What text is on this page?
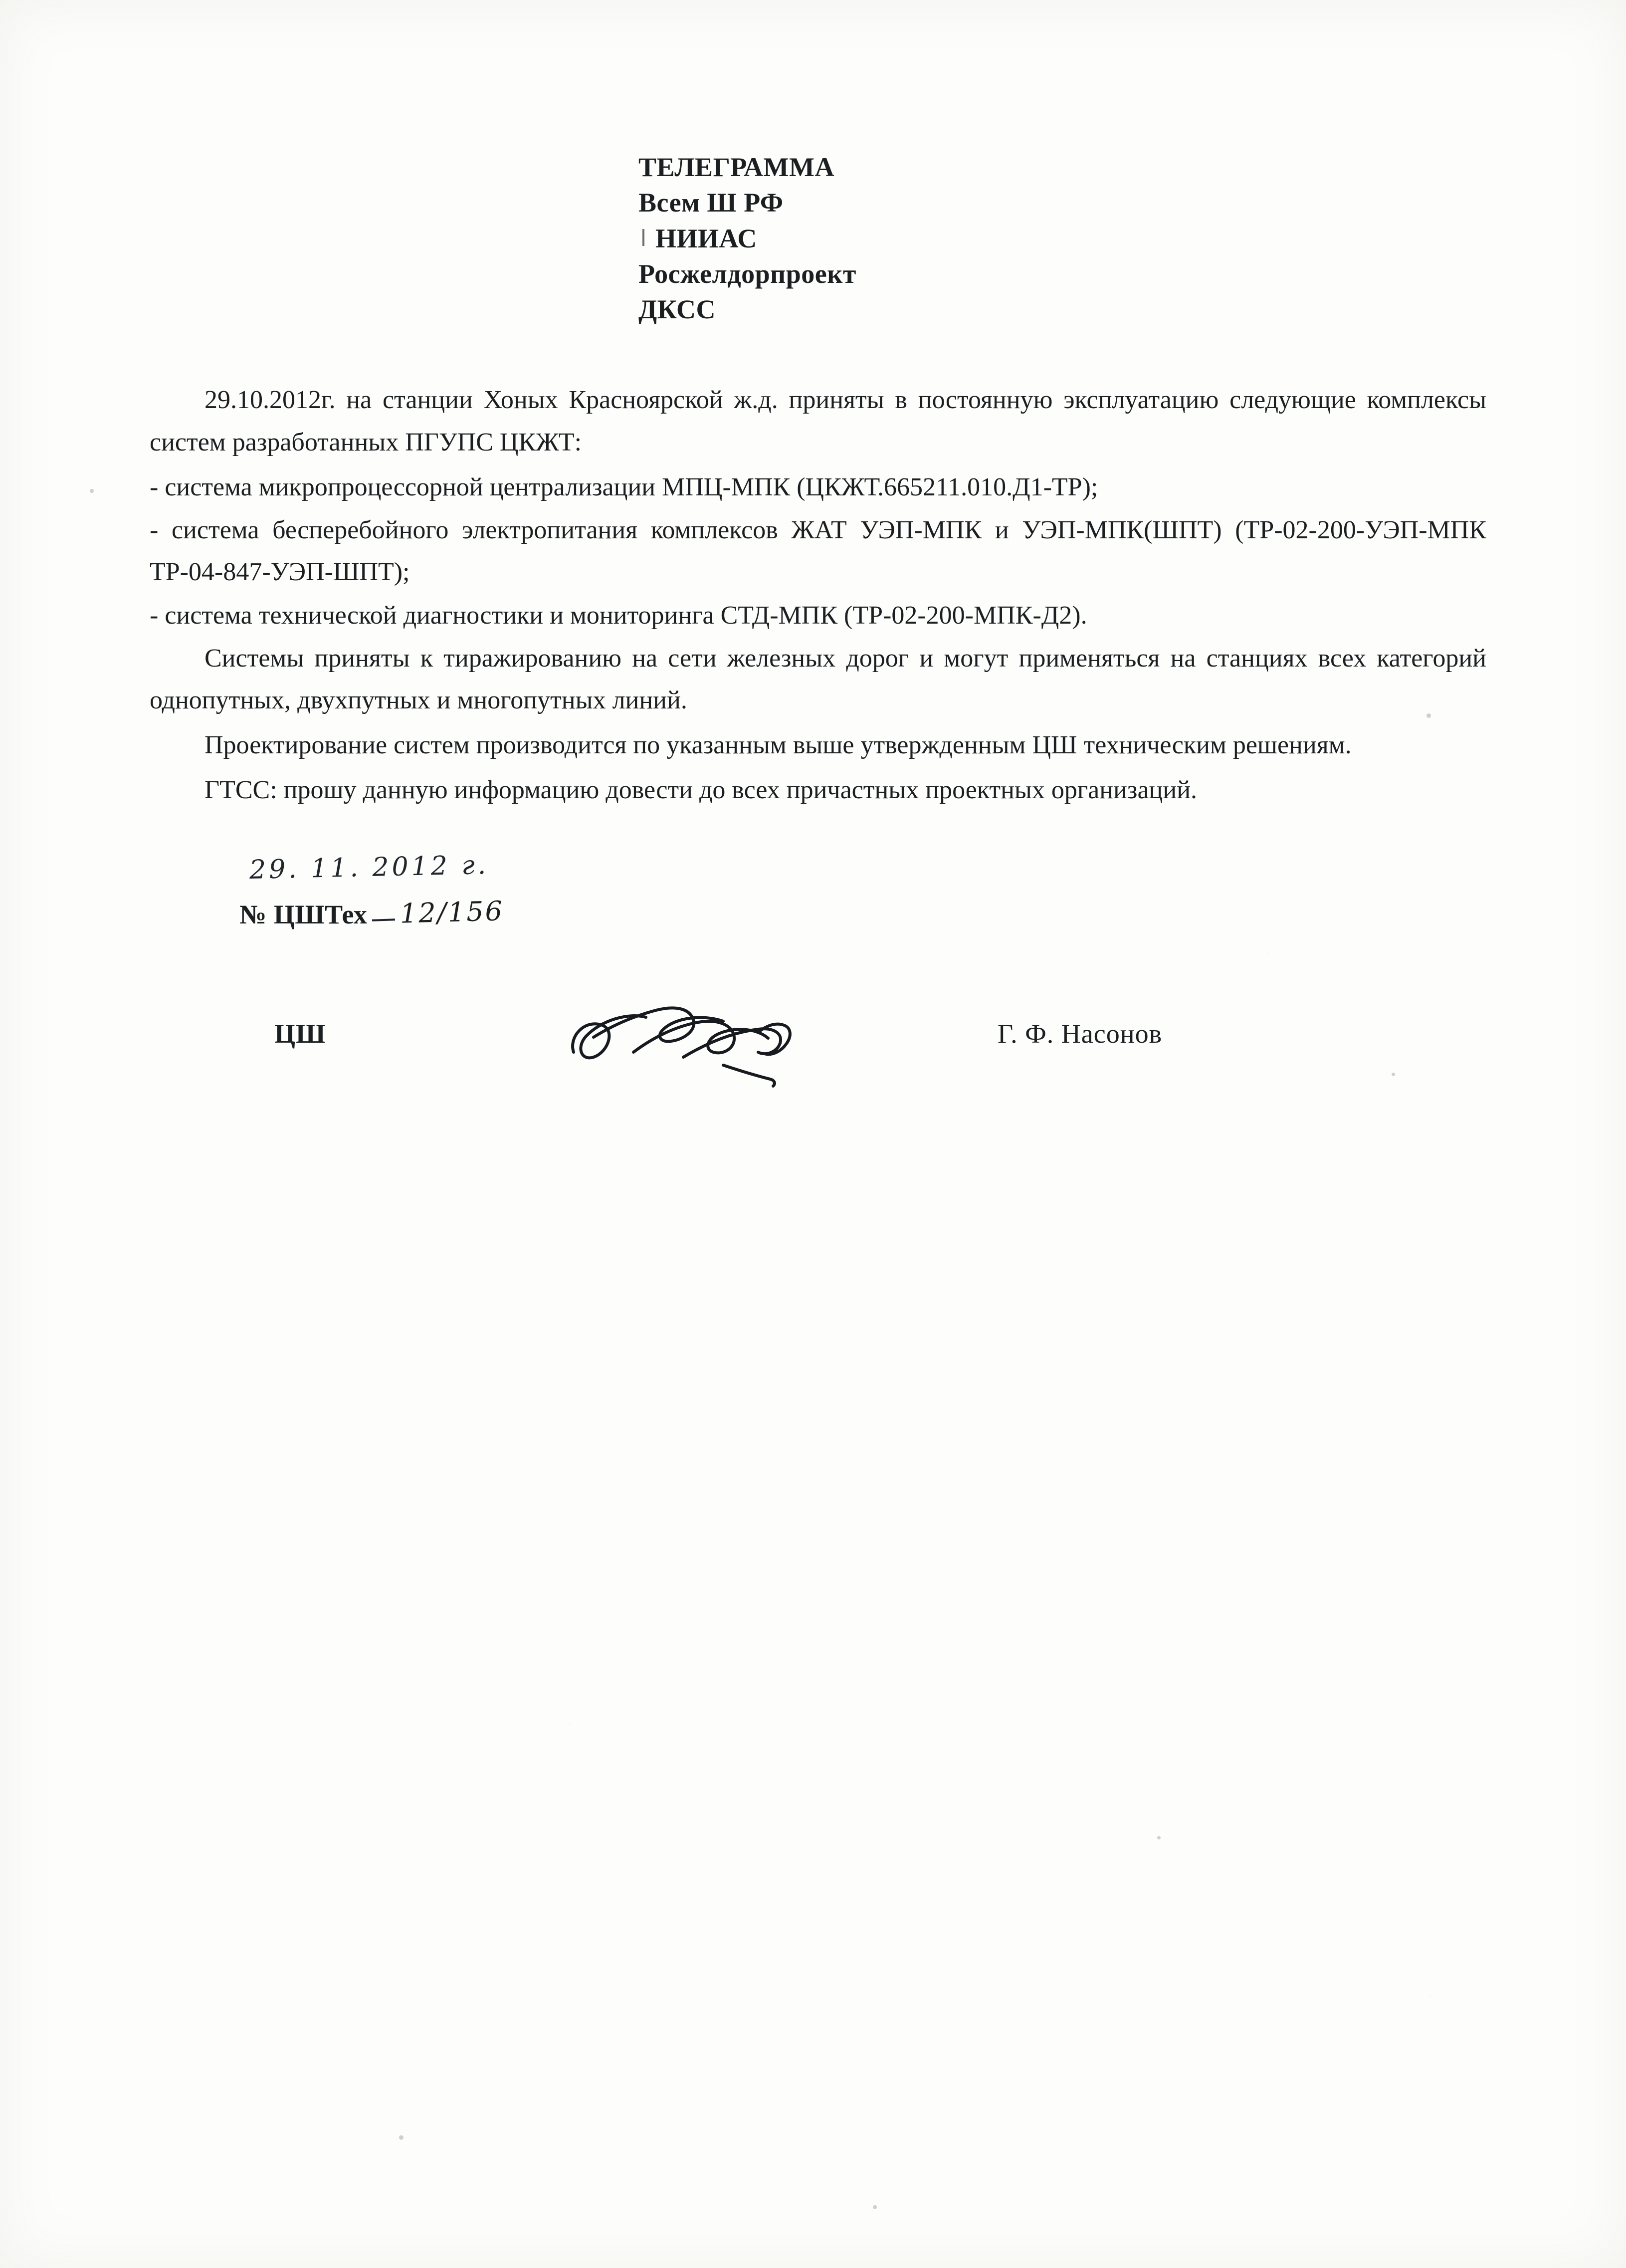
ТЕЛЕГРАММА
Всем Ш РФ
НИИАС
Росжелдорпроект
ДКСС

29.10.2012г. на станции Хоных Красноярской ж.д. приняты в постоянную эксплуатацию следующие комплексы систем разработанных ПГУПС ЦКЖТ:

- система микропроцессорной централизации МПЦ-МПК (ЦКЖТ.665211.010.Д1-ТР);

- система бесперебойного электропитания комплексов ЖАТ УЭП-МПК и УЭП-МПК(ШПТ) (ТР-02-200-УЭП-МПК ТР-04-847-УЭП-ШПТ);

- система технической диагностики и мониторинга СТД-МПК (ТР-02-200-МПК-Д2).

Системы приняты к тиражированию на сети железных дорог и могут применяться на станциях всех категорий однопутных, двухпутных и многопутных линий.

Проектирование систем производится по указанным выше утвержденным ЦШ техническим решениям.

ГТСС: прошу данную информацию довести до всех причастных проектных организаций.

29. 11. 2012 г.
№ ЦШТех 12/156
ЦШ	Г. Ф. Насонов
